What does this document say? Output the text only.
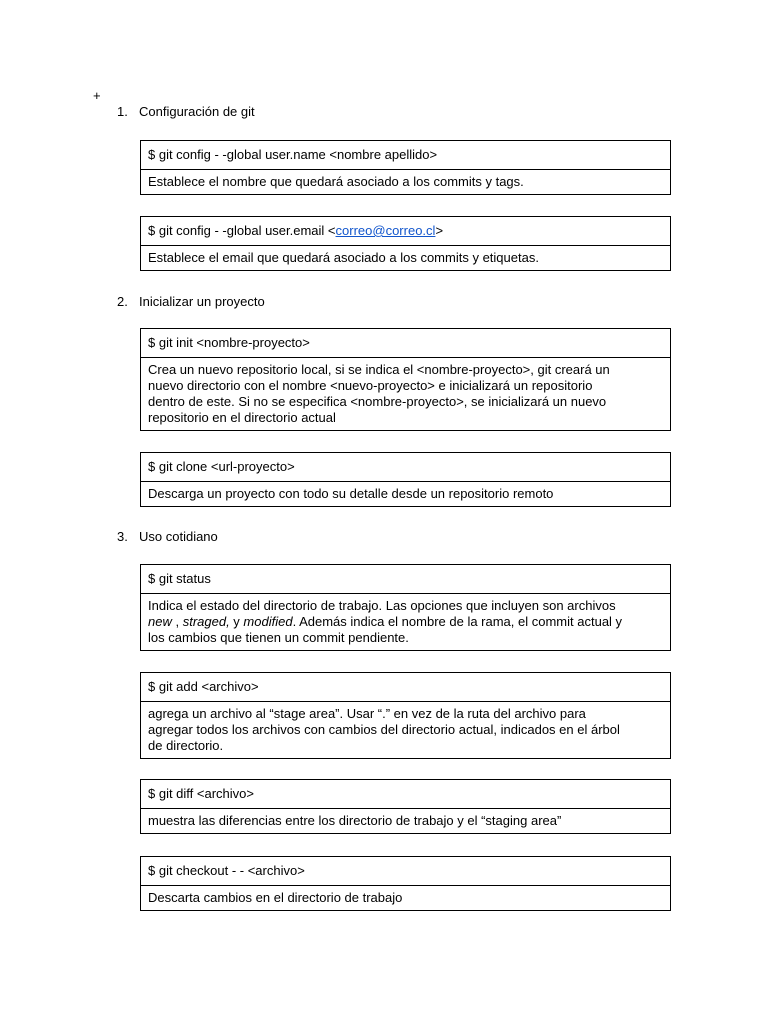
+
1. Configuración de git
$ git config - -global user.name <nombre apellido>
Establece el nombre que quedará asociado a los commits y tags.
$ git config - -global user.email <correo@correo.cl>
Establece el email que quedará asociado a los commits y etiquetas.
2. Inicializar un proyecto
$ git init <nombre-proyecto>
Crea un nuevo repositorio local, si se indica el <nombre-proyecto>, git creará un
nuevo directorio con el nombre <nuevo-proyecto> e inicializará un repositorio
dentro de este. Si no se especifica <nombre-proyecto>, se inicializará un nuevo
repositorio en el directorio actual
$ git clone <url-proyecto>
Descarga un proyecto con todo su detalle desde un repositorio remoto
3. Uso cotidiano
$ git status
Indica el estado del directorio de trabajo. Las opciones que incluyen son archivos
new , straged, y modified. Además indica el nombre de la rama, el commit actual y
los cambios que tienen un commit pendiente.
$ git add <archivo>
agrega un archivo al “stage area”. Usar “.” en vez de la ruta del archivo para
agregar todos los archivos con cambios del directorio actual, indicados en el árbol
de directorio.
$ git diff <archivo>
muestra las diferencias entre los directorio de trabajo y el “staging area”
$ git checkout - - <archivo>
Descarta cambios en el directorio de trabajo
